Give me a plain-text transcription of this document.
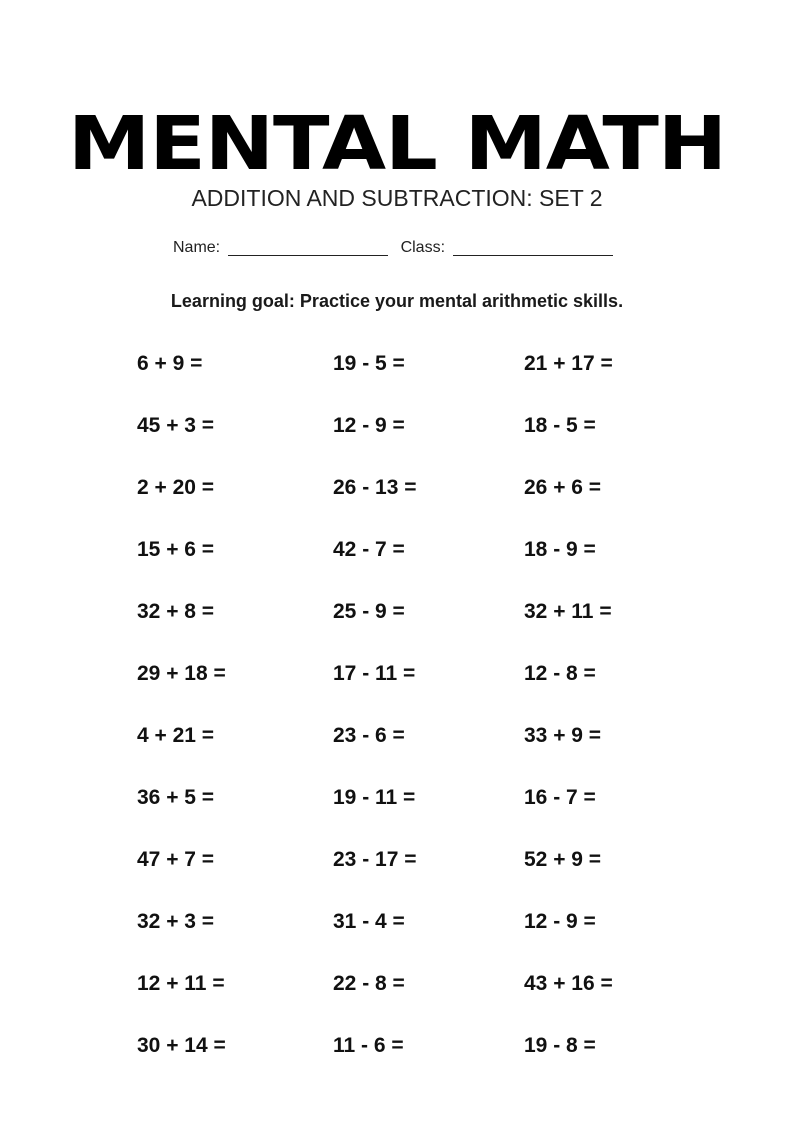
MENTAL MATH
ADDITION AND SUBTRACTION: SET 2
Name:	Class:
Learning goal: Practice your mental arithmetic skills.
6 + 9 =	19 - 5 =	21 + 17 =
45 + 3 =	12 - 9 =	18 - 5 =
2 + 20 =	26 - 13 =	26 + 6 =
15 + 6 =	42 - 7 =	18 - 9 =
32 + 8 =	25 - 9 =	32 + 11 =
29 + 18 =	17 - 11 =	12 - 8 =
4 + 21 =	23 - 6 =	33 + 9 =
36 + 5 =	19 - 11 =	16 - 7 =
47 + 7 =	23 - 17 =	52 + 9 =
32 + 3 =	31 - 4 =	12 - 9 =
12 + 11 =	22 - 8 =	43 + 16 =
30 + 14 =	11 - 6 =	19 - 8 =
